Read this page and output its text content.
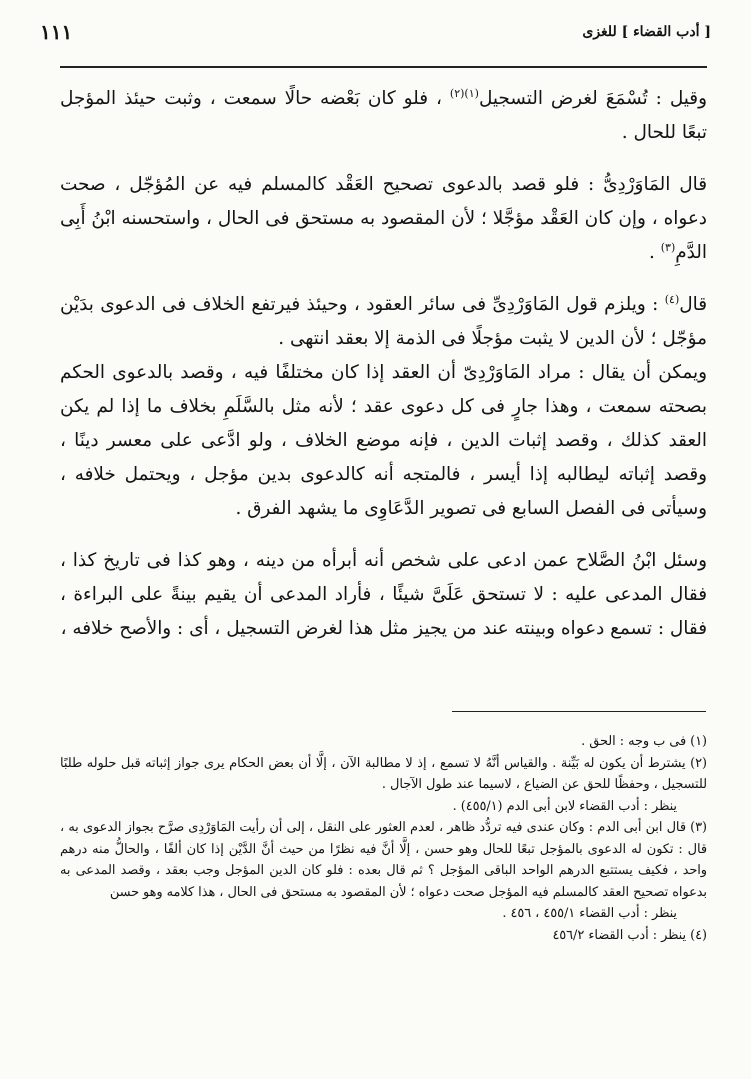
[ أدب القضاء ] للغزى
١١١

وقيل : تُسْمَعَ لغرض التسجيل$^{(١)(٢)}$ ، فلو كان بَعْضه حالًا سمعت ، وثبت حيئذ المؤجل تبعًا للحال .

قال المَاوَرْدِىُّ : فلو قصد بالدعوى تصحيح العَقْد كالمسلم فيه عن المُؤجّل ، صحت دعواه ، وإن كان العَقْد مؤجَّلا ؛ لأن المقصود به مستحق فى الحال ، واستحسنه ابْنُ أَبِى الدَّمِ$^{(٣)}$ .

قال$^{(٤)}$ : ويلزم قول المَاوَرْدِىِّ فى سائر العقود ، وحيئذ فيرتفع الخلاف فى الدعوى بدَيْن مؤجّل ؛ لأن الدين لا يثبت مؤجلًا فى الذمة إلا بعقد انتهى .

ويمكن أن يقال : مراد المَاوَرْدِىّ أن العقد إذا كان مختلفًا فيه ، وقصد بالدعوى الحكم بصحته سمعت ، وهذا جارٍ فى كل دعوى عقد ؛ لأنه مثل بالسَّلَمِ بخلاف ما إذا لم يكن العقد كذلك ، وقصد إثبات الدين ، فإنه موضع الخلاف ، ولو ادَّعى على معسر دينًا ، وقصد إثباته ليطالبه إذا أيسر ، فالمتجه أنه كالدعوى بدين مؤجل ، ويحتمل خلافه ، وسيأتى فى الفصل السابع فى تصوير الدَّعَاوِى ما يشهد الفرق .

وسئل ابْنُ الصَّلاح عمن ادعى على شخص أنه أبرأه من دينه ، وهو كذا فى تاريخ كذا ، فقال المدعى عليه : لا تستحق عَلَىَّ شيئًا ، فأراد المدعى أن يقيم بينةً على البراءة ، فقال : تسمع دعواه وبينته عند من يجيز مثل هذا لغرض التسجيل ، أى : والأصح خلافه ،

(١) فى ب وجه : الحق .

(٢) يشترط أن يكون له بَيِّنة . والقياس أنَّهُ لا تسمع ، إذ لا مطالبة الآن ، إلَّا أن بعض الحكام يرى جواز إثباته قبل حلوله طلبًا للتسجيل ، وحفظًا للحق عن الضياع ، لاسيما عند طول الآجال .

ينظر : أدب القضاء لابن أبى الدم (٤٥٥/١) .

(٣) قال ابن أبى الدم : وكان عندى فيه تردُّد ظاهر ، لعدم العثور على النقل ، إلى أن رأيت المَاوَرْدِى صرَّح بجواز الدعوى به ، قال : تكون له الدعوى بالمؤجل تبعًا للحال وهو حسن ، إلَّا أنَّ فيه نظرًا من حيث أنَّ الدَّيْن إذا كان ألفًا ، والحالُّ منه درهم واحد ، فكيف يستتبع الدرهم الواحد الباقى المؤجل ؟ ثم قال بعده : فلو كان الدين المؤجل وجب بعقد ، وقصد المدعى به بدعواه تصحيح العقد كالمسلم فيه المؤجل صحت دعواه ؛ لأن المقصود به مستحق فى الحال ، هذا كلامه وهو حسن

ينظر : أدب القضاء ٤٥٥/١ ، ٤٥٦ .

(٤) ينظر : أدب القضاء ٤٥٦/٢
